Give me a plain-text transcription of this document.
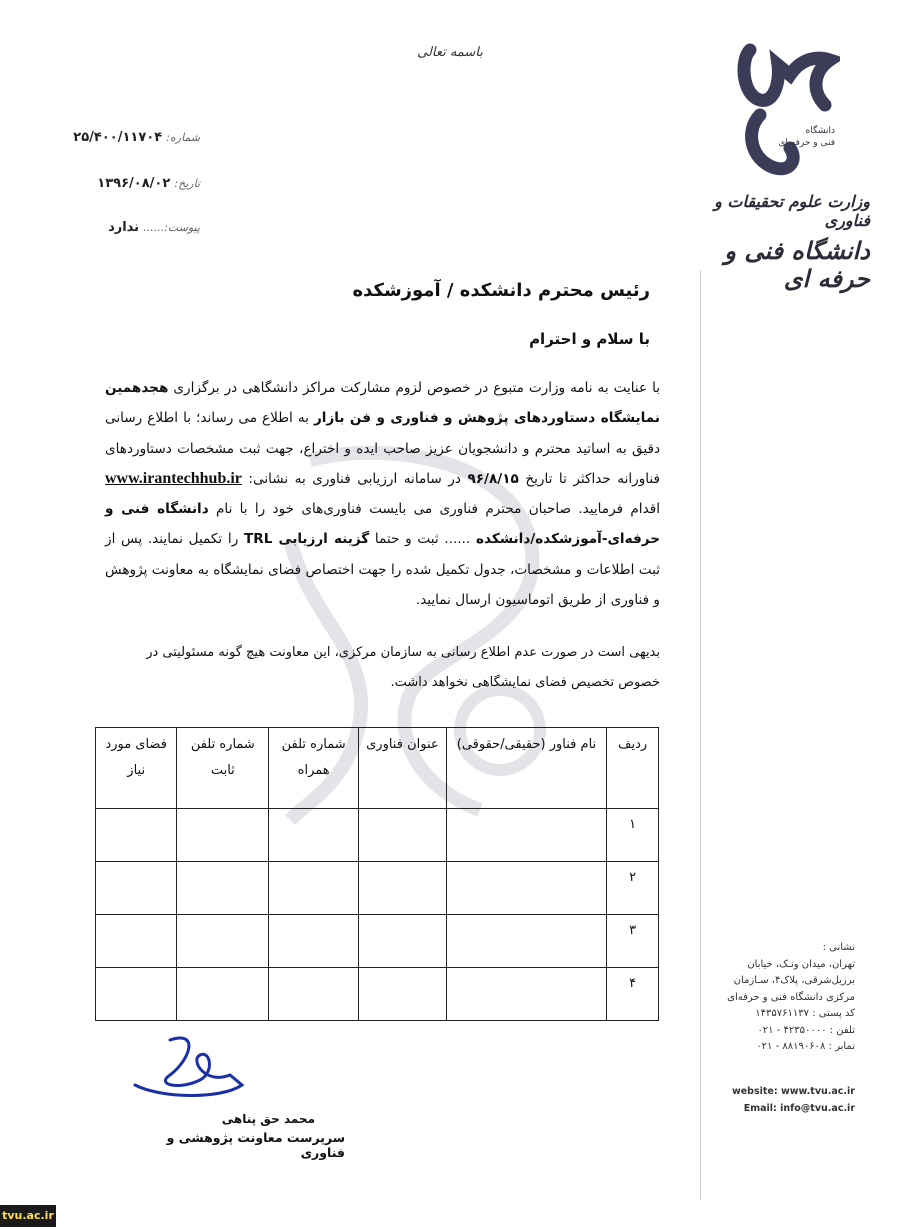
باسمه تعالی
شماره: ۲۵/۴۰۰/۱۱۷۰۴
تاریخ: ۱۳۹۶/۰۸/۰۲
پیوست:...... ندارد
دانشگاه
فنی و حرفه ای
وزارت علوم تحقیقات و فناوری
دانشگاه فنی و حرفه ای
رئیس محترم دانشکده / آموزشکده
با سلام و احترام
با عنایت به نامه وزارت متبوع در خصوص لزوم مشارکت مراکز دانشگاهی در برگزاری هجدهمین نمایشگاه دستاوردهای پژوهش و فناوری و فن بازار به اطلاع می رساند؛ با اطلاع رسانی دقیق به اساتید محترم و دانشجویان عزیز صاحب ایده و اختراع، جهت ثبت مشخصات دستاوردهای فناورانه حداکثر تا تاریخ ۹۶/۸/۱۵ در سامانه ارزیابی فناوری به نشانی: www.irantechhub.ir اقدام فرمایید. صاحبان محترم فناوری می بایست فناوری‌های خود را با نام دانشگاه فنی و حرفه‌ای-آموزشکده/دانشکده ...... ثبت و حتما گزینه ارزیابی TRL را تکمیل نمایند. پس از ثبت اطلاعات و مشخصات، جدول تکمیل شده را جهت اختصاص فضای نمایشگاه به معاونت پژوهش و فناوری از طریق اتوماسیون ارسال نمایید.
بدیهی است در صورت عدم اطلاع رسانی به سازمان مرکزی، این معاونت هیچ گونه مسئولیتی در خصوص تخصیص فضای نمایشگاهی نخواهد داشت.
ردیف	نام فناور (حقیقی/حقوقی)	عنوان فناوری	شماره تلفن همراه	شماره تلفن ثابت	فضای مورد نیاز
۱					
۲					
۳					
۴					
نشانی :
تهران، میدان ونـک، خیابان
برزیل‌شرقی، پلاک۴، سـازمان
مرکزی دانشگاه فنی و حرفه‌ای
کد پستی : ۱۴۳۵۷۶۱۱۳۷
تلفن : ۴۲۳۵۰۰۰۰ - ۰۲۱
نمابر : ۸۸۱۹۰۶۰۸ - ۰۲۱
website: www.tvu.ac.ir
Email: info@tvu.ac.ir
محمد حق پناهی
سرپرست معاونت پژوهشی و فناوری
tvu.ac.ir
